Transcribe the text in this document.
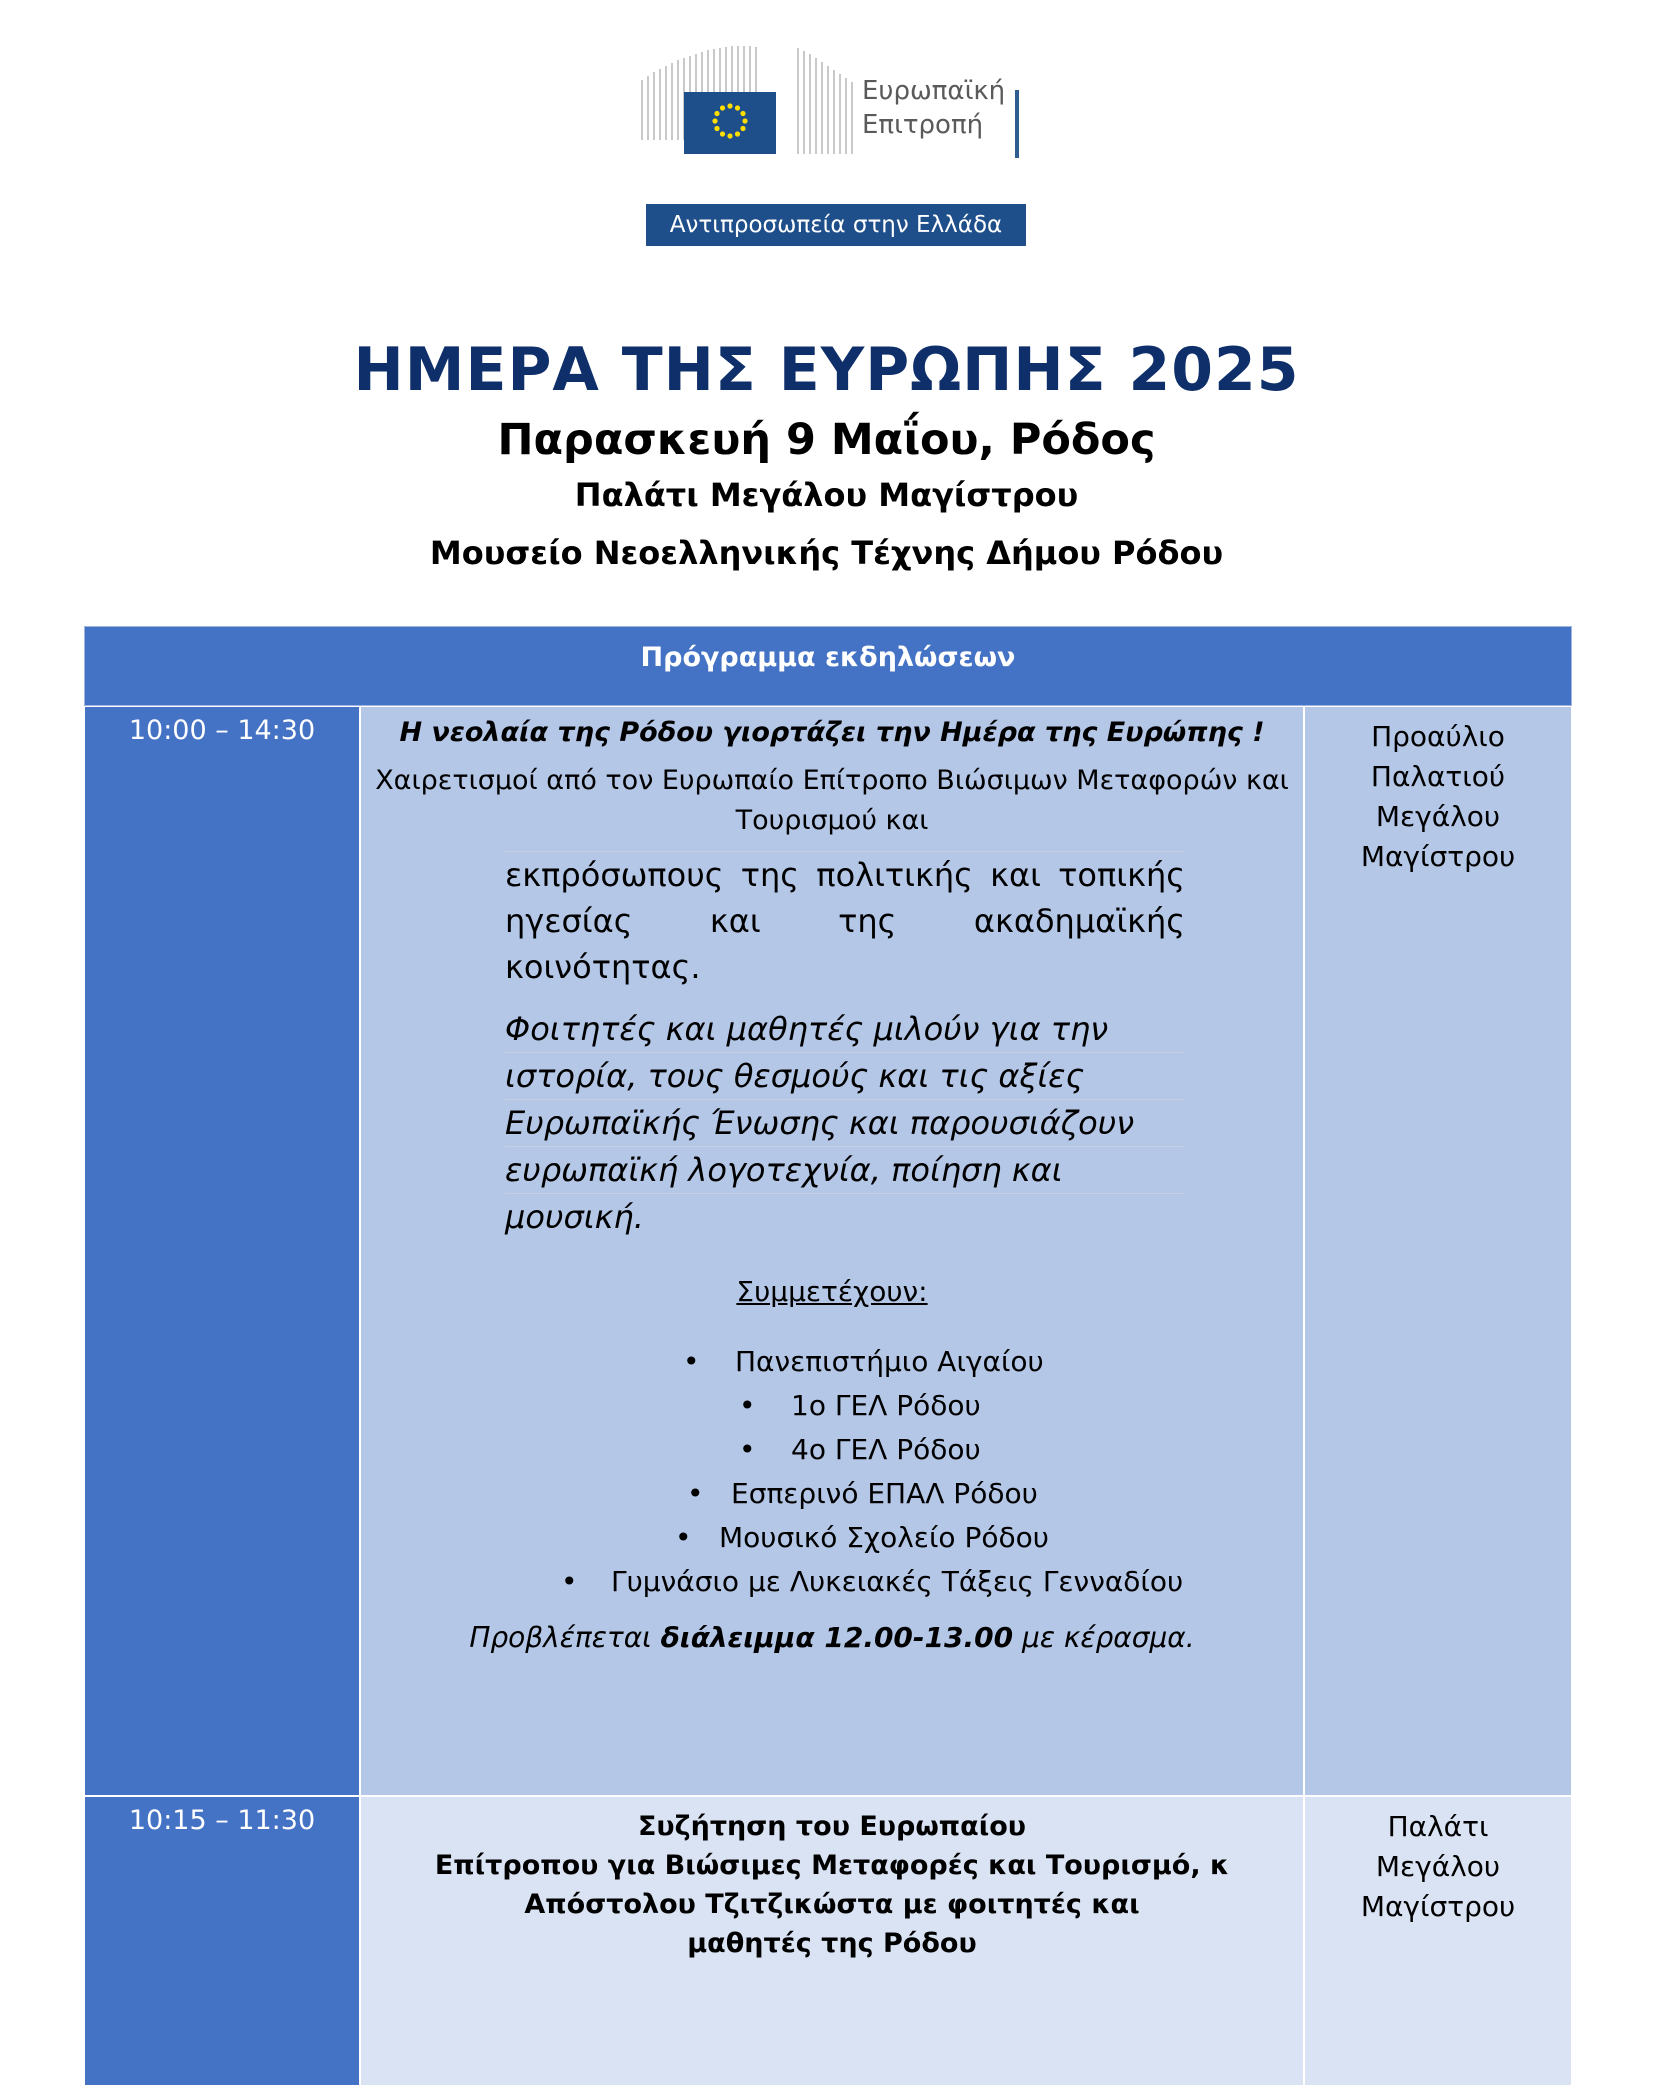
Ευρωπαϊκή
Επιτροπή
Αντιπροσωπεία στην Ελλάδα
ΗΜΕΡΑ ΤΗΣ ΕΥΡΩΠΗΣ 2025
Παρασκευή 9 Μαΐου, Ρόδος
Παλάτι Μεγάλου Μαγίστρου
Μουσείο Νεοελληνικής Τέχνης Δήμου Ρόδου
Πρόγραμμα εκδηλώσεων
10:00 – 14:30	Η νεολαία της Ρόδου γιορτάζει την Ημέρα της Ευρώπης !
Χαιρετισμοί από τον Ευρωπαίο Επίτροπο Βιώσιμων Μεταφορών και
Τουρισμού και
εκπρόσωπους της πολιτικής και τοπικής ηγεσίας και της ακαδημαϊκής κοινότητας.
Φοιτητές και μαθητές μιλούν για την
ιστορία, τους θεσμούς και τις αξίες
Ευρωπαϊκής Ένωσης και παρουσιάζουν
ευρωπαϊκή λογοτεχνία, ποίηση και
μουσική.
Συμμετέχουν:
• Πανεπιστήμιο Αιγαίου
• 1ο ΓΕΛ Ρόδου
• 4ο ΓΕΛ Ρόδου
• Εσπερινό ΕΠΑΛ Ρόδου
• Μουσικό Σχολείο Ρόδου
• Γυμνάσιο με Λυκειακές Τάξεις Γενναδίου
Προβλέπεται διάλειμμα 12.00-13.00 με κέρασμα.
Προαύλιο
Παλατιού
Μεγάλου
Μαγίστρου
10:15 – 11:30	Συζήτηση του Ευρωπαίου
Επίτροπου για Βιώσιμες Μεταφορές και Τουρισμό, κ
Απόστολου Τζιτζικώστα με φοιτητές και
μαθητές της Ρόδου
Παλάτι
Μεγάλου
Μαγίστρου
